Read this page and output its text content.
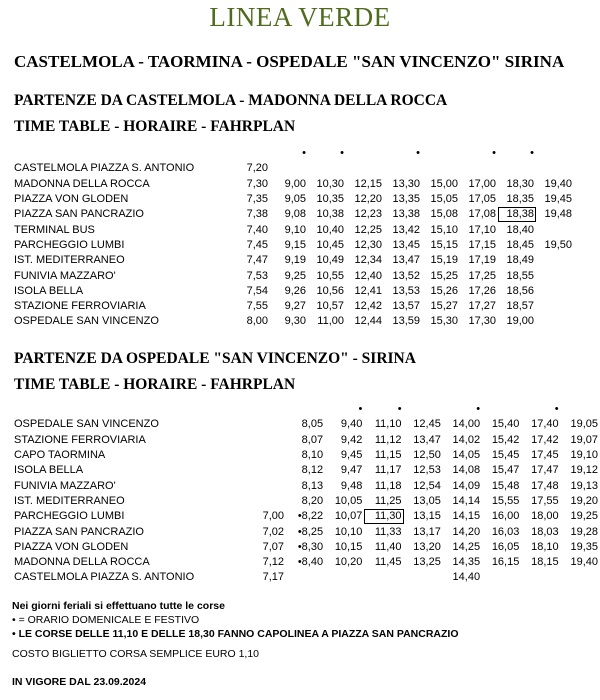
LINEA VERDE
CASTELMOLA - TAORMINA - OSPEDALE "SAN VINCENZO" SIRINA
PARTENZE DA CASTELMOLA - MADONNA DELLA ROCCA
TIME TABLE - HORAIRE - FAHRPLAN
		•	•		•		•	•	
CASTELMOLA PIAZZA S. ANTONIO	7,20								
MADONNA DELLA ROCCA	7,30	9,00	10,30	12,15	13,30	15,00	17,00	18,30	19,40
PIAZZA VON GLODEN	7,35	9,05	10,35	12,20	13,35	15,05	17,05	18,35	19,45
PIAZZA SAN PANCRAZIO	7,38	9,08	10,38	12,23	13,38	15,08	17,08	18,38	19,48
TERMINAL BUS	7,40	9,10	10,40	12,25	13,42	15,10	17,10	18,40	
PARCHEGGIO LUMBI	7,45	9,15	10,45	12,30	13,45	15,15	17,15	18,45	19,50
IST. MEDITERRANEO	7,47	9,19	10,49	12,34	13,47	15,19	17,19	18,49	
FUNIVIA MAZZARO'	7,53	9,25	10,55	12,40	13,52	15,25	17,25	18,55	
ISOLA BELLA	7,54	9,26	10,56	12,41	13,53	15,26	17,26	18,56	
STAZIONE FERROVIARIA	7,55	9,27	10,57	12,42	13,57	15,27	17,27	18,57	
OSPEDALE SAN VINCENZO	8,00	9,30	11,00	12,44	13,59	15,30	17,30	19,00	
PARTENZE DA OSPEDALE "SAN VINCENZO" - SIRINA
TIME TABLE - HORAIRE - FAHRPLAN
			•	•		•		•	
OSPEDALE SAN VINCENZO		8,05	9,40	11,10	12,45	14,00	15,40	17,40	19,05
STAZIONE FERROVIARIA		8,07	9,42	11,12	13,47	14,02	15,42	17,42	19,07
CAPO TAORMINA		8,10	9,45	11,15	12,50	14,05	15,45	17,45	19,10
ISOLA BELLA		8,12	9,47	11,17	12,53	14,08	15,47	17,47	19,12
FUNIVIA MAZZARO'		8,13	9,48	11,18	12,54	14,09	15,48	17,48	19,13
IST. MEDITERRANEO		8,20	10,05	11,25	13,05	14,14	15,55	17,55	19,20
PARCHEGGIO LUMBI	7,00	•8,22	10,07	11,30	13,15	14,15	16,00	18,00	19,25
PIAZZA SAN PANCRAZIO	7,02	•8,25	10,10	11,33	13,17	14,20	16,03	18,03	19,28
PIAZZA VON GLODEN	7,07	•8,30	10,15	11,40	13,20	14,25	16,05	18,10	19,35
MADONNA DELLA ROCCA	7,12	•8,40	10,20	11,45	13,25	14,35	16,15	18,15	19,40
CASTELMOLA PIAZZA S. ANTONIO	7,17					14,40			
Nei giorni feriali si effettuano tutte le corse
• = ORARIO DOMENICALE E FESTIVO
• LE CORSE DELLE 11,10 E DELLE 18,30 FANNO CAPOLINEA A PIAZZA SAN PANCRAZIO
COSTO BIGLIETTO CORSA SEMPLICE EURO 1,10
IN VIGORE DAL 23.09.2024
